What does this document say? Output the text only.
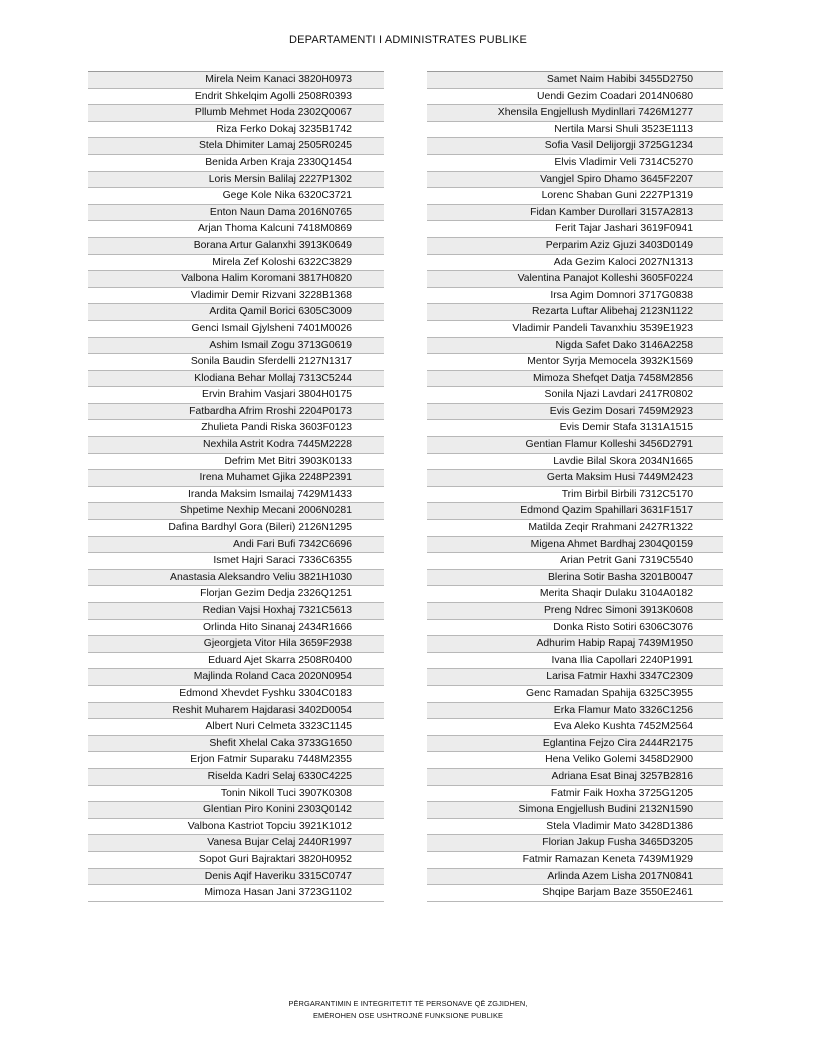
DEPARTAMENTI I ADMINISTRATES PUBLIKE
Mirela Neim Kanaci 3820H0973
Endrit Shkelqim Agolli 2508R0393
Pllumb Mehmet Hoda 2302Q0067
Riza Ferko Dokaj 3235B1742
Stela Dhimiter Lamaj 2505R0245
Benida Arben Kraja 2330Q1454
Loris Mersin Balilaj 2227P1302
Gege Kole Nika 6320C3721
Enton Naun Dama 2016N0765
Arjan Thoma Kalcuni 7418M0869
Borana Artur Galanxhi 3913K0649
Mirela Zef Koloshi 6322C3829
Valbona Halim Koromani 3817H0820
Vladimir Demir Rizvani 3228B1368
Ardita Qamil Borici 6305C3009
Genci Ismail Gjylsheni 7401M0026
Ashim Ismail Zogu 3713G0619
Sonila Baudin Sferdelli 2127N1317
Klodiana Behar Mollaj 7313C5244
Ervin Brahim Vasjari 3804H0175
Fatbardha Afrim Rroshi 2204P0173
Zhulieta Pandi Riska 3603F0123
Nexhila Astrit Kodra 7445M2228
Defrim Met Bitri 3903K0133
Irena Muhamet Gjika 2248P2391
Iranda Maksim Ismailaj 7429M1433
Shpetime Nexhip Mecani 2006N0281
Dafina Bardhyl Gora (Bileri) 2126N1295
Andi Fari Bufi 7342C6696
Ismet Hajri Saraci 7336C6355
Anastasia Aleksandro Veliu 3821H1030
Florjan Gezim Dedja 2326Q1251
Redian Vajsi Hoxhaj 7321C5613
Orlinda Hito Sinanaj 2434R1666
Gjeorgjeta Vitor Hila 3659F2938
Eduard Ajet Skarra 2508R0400
Majlinda Roland Caca 2020N0954
Edmond Xhevdet Fyshku 3304C0183
Reshit Muharem Hajdarasi 3402D0054
Albert Nuri Celmeta 3323C1145
Shefit Xhelal Caka 3733G1650
Erjon Fatmir Suparaku 7448M2355
Riselda Kadri Selaj 6330C4225
Tonin Nikoll Tuci 3907K0308
Glentian Piro Konini 2303Q0142
Valbona Kastriot Topciu 3921K1012
Vanesa Bujar Celaj 2440R1997
Sopot Guri Bajraktari 3820H0952
Denis Aqif Haveriku 3315C0747
Mimoza Hasan Jani 3723G1102
Samet Naim Habibi 3455D2750
Uendi Gezim Coadari 2014N0680
Xhensila Engjellush Mydinllari 7426M1277
Nertila Marsi Shuli 3523E1113
Sofia Vasil Delijorgji 3725G1234
Elvis Vladimir Veli 7314C5270
Vangjel Spiro Dhamo 3645F2207
Lorenc Shaban Guni 2227P1319
Fidan Kamber Durollari 3157A2813
Ferit Tajar Jashari 3619F0941
Perparim Aziz Gjuzi 3403D0149
Ada Gezim Kaloci 2027N1313
Valentina Panajot Kolleshi 3605F0224
Irsa Agim Domnori 3717G0838
Rezarta Luftar Alibehaj 2123N1122
Vladimir Pandeli Tavanxhiu 3539E1923
Nigda Safet Dako 3146A2258
Mentor Syrja Memocela 3932K1569
Mimoza Shefqet Datja 7458M2856
Sonila Njazi Lavdari 2417R0802
Evis Gezim Dosari 7459M2923
Evis Demir Stafa 3131A1515
Gentian Flamur Kolleshi 3456D2791
Lavdie Bilal Skora 2034N1665
Gerta Maksim Husi 7449M2423
Trim Birbil Birbili 7312C5170
Edmond Qazim Spahillari 3631F1517
Matilda Zeqir Rrahmani 2427R1322
Migena Ahmet Bardhaj 2304Q0159
Arian Petrit Gani 7319C5540
Blerina Sotir Basha 3201B0047
Merita Shaqir Dulaku 3104A0182
Preng Ndrec Simoni 3913K0608
Donka Risto Sotiri 6306C3076
Adhurim Habip Rapaj 7439M1950
Ivana Ilia Capollari 2240P1991
Larisa Fatmir Haxhi 3347C2309
Genc Ramadan Spahija 6325C3955
Erka Flamur Mato 3326C1256
Eva Aleko Kushta 7452M2564
Eglantina Fejzo Cira 2444R2175
Hena Veliko Golemi 3458D2900
Adriana Esat Binaj 3257B2816
Fatmir Faik Hoxha 3725G1205
Simona Engjellush Budini 2132N1590
Stela Vladimir Mato 3428D1386
Florian Jakup Fusha 3465D3205
Fatmir Ramazan Keneta 7439M1929
Arlinda Azem Lisha 2017N0841
Shqipe Barjam Baze 3550E2461
PËRGARANTIMIN E INTEGRITETIT TË PERSONAVE QË ZGJIDHEN,
EMËROHEN OSE USHTROJNË FUNKSIONE PUBLIKE
